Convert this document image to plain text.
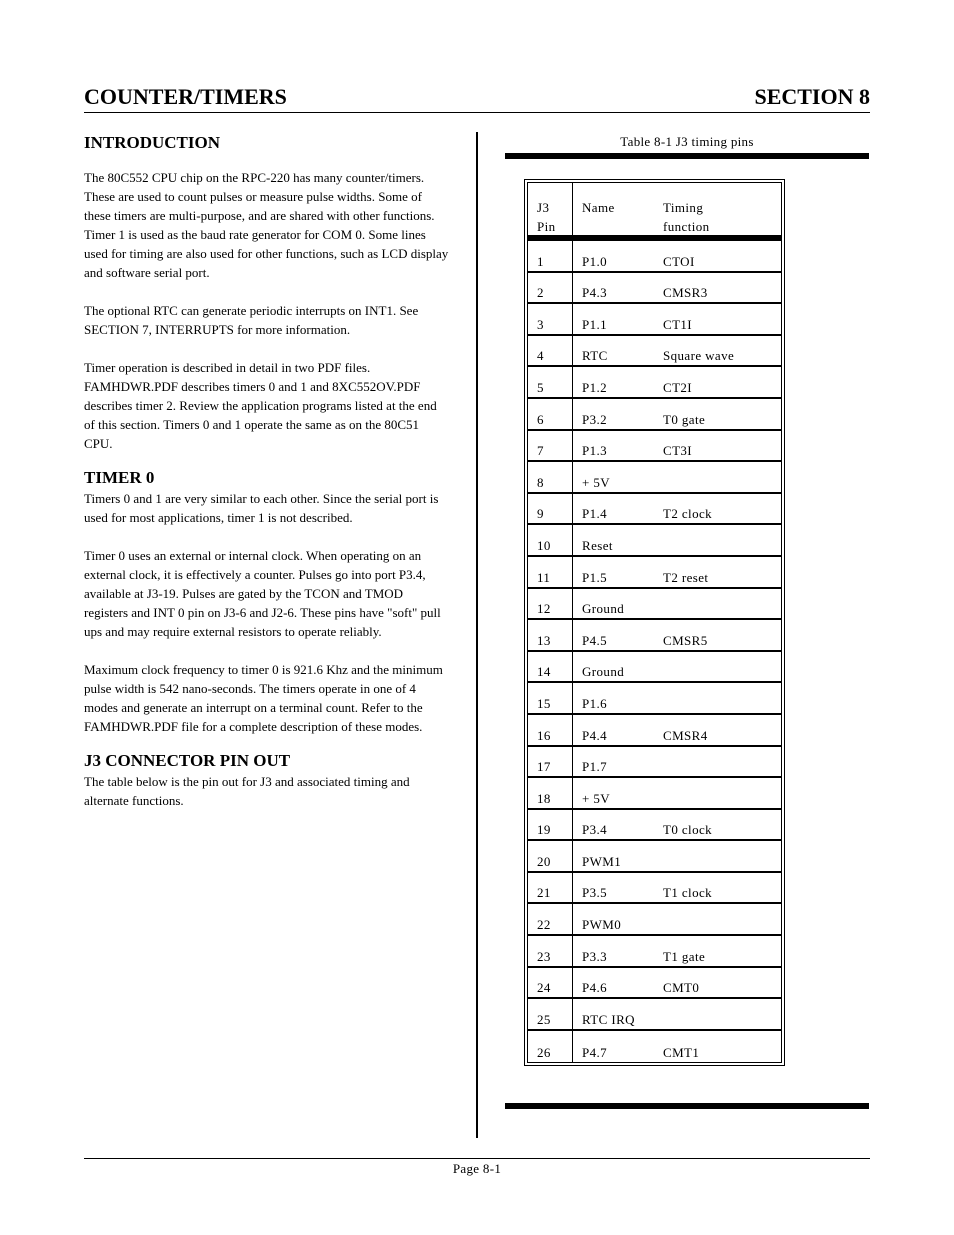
COUNTER/TIMERS	SECTION 8
INTRODUCTION

The 80C552 CPU chip on the RPC-220 has many counter/timers. These are used to count pulses or measure pulse widths. Some of these timers are multi-purpose, and are shared with other functions. Timer 1 is used as the baud rate generator for COM 0. Some lines used for timing are also used for other functions, such as LCD display and software serial port.

The optional RTC can generate periodic interrupts on INT1. See SECTION 7, INTERRUPTS for more information.

Timer operation is described in detail in two PDF files. FAMHDWR.PDF describes timers 0 and 1 and 8XC552OV.PDF describes timer 2. Review the application programs listed at the end of this section. Timers 0 and 1 operate the same as on the 80C51 CPU.

TIMER 0

Timers 0 and 1 are very similar to each other. Since the serial port is used for most applications, timer 1 is not described.

Timer 0 uses an external or internal clock. When operating on an external clock, it is effectively a counter. Pulses go into port P3.4, available at J3-19. Pulses are gated by the TCON and TMOD registers and INT 0 pin on J3-6 and J2-6. These pins have "soft" pull ups and may require external resistors to operate reliably.

Maximum clock frequency to timer 0 is 921.6 Khz and the minimum pulse width is 542 nano-seconds. The timers operate in one of 4 modes and generate an interrupt on a terminal count. Refer to the FAMHDWR.PDF file for a complete description of these modes.

J3 CONNECTOR PIN OUT

The table below is the pin out for J3 and associated timing and alternate functions.

Table 8-1 J3 timing pins
J3
Pin
Name	Timing
function
1	P1.0	CTOI
2	P4.3	CMSR3
3	P1.1	CT1I
4	RTC	Square wave
5	P1.2	CT2I
6	P3.2	T0 gate
7	P1.3	CT3I
8	+ 5V
9	P1.4	T2 clock
10	Reset
11	P1.5	T2 reset
12	Ground
13	P4.5	CMSR5
14	Ground
15	P1.6
16	P4.4	CMSR4
17	P1.7
18	+ 5V
19	P3.4	T0 clock
20	PWM1
21	P3.5	T1 clock
22	PWM0
23	P3.3	T1 gate
24	P4.6	CMT0
25	RTC IRQ
26	P4.7	CMT1
Page 8-1
